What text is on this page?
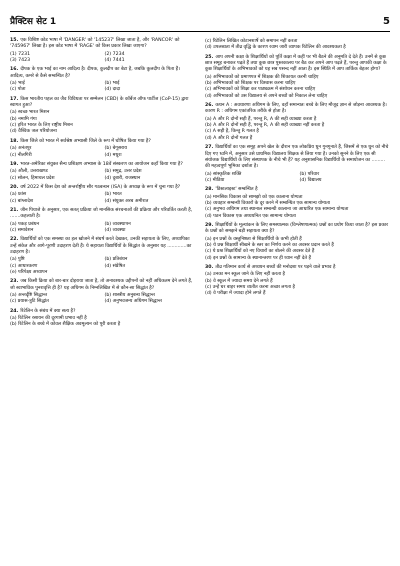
प्रैक्टिस सेट 1	5
15. एक विशिष्ट कोड भाषा में 'DANGER' को '145237' लिखा जाता है, और 'RANCOR' को '745967' लिखा है। इस कोड भाषा में 'RAGE' को किस प्रकार लिखा जाएगा?
(1) 7231	(2) 7234
(3) 7423	(4) 7441
16. दीपक के एक भाई का नाम आदित्य है। दीपक, कुलदीप का बेटा है, जबकि कुलदीप के पिता हैं। आदित्य, कमरे से कैसे सम्बन्धित है?
(a) भाई	(b) भाई
(c) पोता	(d) दादा
17. किस भारतीय पहल का जैव विविधता पर सम्मेलन (CBD) के कॉर्बेज ऑफ पार्टीज (CoP-15) द्वारा स्वागत हुआ?
(a) स्वच्छ भारत मिशन
(b) नमामि गंगा
(c) हरित भारत के लिए राष्ट्रीय मिशन
(d) वैश्विक जल परियोजना
18. किस जिले को भारत में सर्वश्रेष्ठ अभ्यासी जिले के रूप में घोषित किया गया है?
(a) अनंतपुर	(b) बेगूसराय
(c) नीलगिरी	(d) मथुरा
19. भारत-अमेरिका संयुक्त सैन्य प्रशिक्षण अभ्यास के 18वें संस्करण का आयोजन कहाँ किया गया है?
(a) औली, उत्तराखण्ड	(b) समुद्र, उत्तर प्रदेश
(c) सोलन, हिमाचल प्रदेश	(d) दुबारी, राजस्थान
20. वर्ष 2022 में किस देश को अन्तर्राष्ट्रीय सौर गठबन्धन (ISA) के अध्यक्ष के रूप में चुना गया है?
(a) फ्रांस	(b) भारत
(c) बांग्लादेश	(d) संयुक्त अरब अमीरात
21. जीन पियाजे के अनुसार, एक सतत् प्रक्रिया जो मानसिक संरचनाओं की प्रक्रिया और परिवर्तित करती है, .......कहलाती है।
(a) पकड़ प्रबंधन	(b) व्यवस्थापन
(c) समावेशन	(d) व्यवस्था
22. विद्यार्थियों को एक समस्या का हल खोजने में संघर्ष करते देखकर, उनकी सहायता के लिए, अध्यापिका उन्हें संकेत और आगे-पूरणी उदाहरण देती हैं। ये सहायता विद्यार्थियों के सिद्धांत के अनुसार यह .............का उदाहरण है।
(a) पुष्टि	(b) प्रतिबंधन
(c) आधारकरण	(d) संप्रेषित
(e) परिपेक्ष्य अध्यापन
23. जब किसी क्रिया को बार-बार दोहराया जाता है, तो अनावश्यक उद्दीपनों को नहीं अधिकतम देने लगते हैं, जो स्वाभाविक पुनरावृत्ति ही है? यह अधिगम के निम्नलिखित में से कौन-सा सिद्धांत है?
(a) अन्तर्दृष्टि सिद्धान्त	(b) शास्त्रीय अनुबन्ध सिद्धान्त
(c) प्रयास-त्रुटि सिद्धांत	(d) अनुभवजन्य अधिगम सिद्धान्त
24. रिटेलिन के संबंध में क्या सत्य है?
(a) रिटेलिन रसायन की दूरगामी प्रभाव नहीं है
(b) रिटेलिन के बच्चे में कोवल शैक्षिक अवमूल्यन को पूरी करता है
(c) रिटेलिन लिखित कोटानशार्षे को समापन नहीं करता
(d) उपलब्धता में तीव्र वृद्धि के कारण रवाम जारी व्यापक रिटेलिन की आवश्यकता है
25. आप अपनी कक्षा के शिक्षार्थियों को पूर्ति कक्षा में कहीं पर भी बैठने की अनुमति दे देते हैं। उनमें से कुछ छात्र समूह बनाकर पढ़ते हैं तथा कुछ छात्र पुस्तकालय पर बैठ कर अपने आप पढ़ते हैं, परन्तु आपकी कक्षा के कुछ शिक्षार्थियों के अभिभावकों को यह सब पसन्द नहीं आता है। इस स्थिति में आप तार्किक बेहतर होगा?
(a) अभिभावकों को प्रमाणपत्र में शिक्षक की शिकायत करनी चाहिए
(b) अभिभावकों को शिक्षक पर विश्वास करना चाहिए
(c) अभिभावकों को शिक्षा कर पाठ्यक्रम में संशोधन करना चाहिए
(d) अभिभावकों को उस विद्यालय से अपने बच्चों को निकाल लेना चाहिए
26. कथन A : अवधारणा अधिगम के लिए, वहाँ समान्यतः बच्चे के लिए मौजूद ज्ञान से जोड़ना आवश्यक है। कारण R : अधिगम एकांतरिक तरीके से होता है।
(a) A और R दोनों सही हैं, परन्तु R, A की सही व्याख्या करता है
(b) A और R दोनों सही हैं, परन्तु R, A की सही व्याख्या नहीं करता है
(c) A सही है, किन्तु R गलत है
(d) A और R दोनों गलत हैं
27. विद्यार्थियों का एक समूह अपने खेल के दौरान एक लोकप्रिय धुन गुनगुनाते हैं, जिसमें से एक धुन को नीचे दिए गए ध्वनि में, अनुसार उसे प्राथमिक विद्यालय शिक्षक से लिया गया है। उनको सुनने के लिए एक सी संयोजक विद्यार्थियों के लिए संस्थापक के नीचे भी हैं? यह अनुशासनिक विद्यार्थियों के समायोजन का ......... की महत्वपूर्ण भूमिका दर्शाता है।
(a) सांस्कृतिक शक्ति	(b) परिवार
(c) मीडिया	(d) विद्यालय
28. 'डिस्टलाइस्ट' सम्बन्धित है
(a) मानसिक विकास को सामझो को एक कालाना योग्यता
(b) व्यवहार सम्बन्धी विकारों के दूर करने में सम्बन्धित एक सामान्य योग्यता
(c) अनुभव अधिगम तथा स्थानाल सम्बन्धी कालाना जा आधारित एक सामान्य योग्यता
(d) पठन विकास एक अध्ययनित एक सामान्य योग्यता
29. शिक्षार्थियों के मूल्यांकन के लिए समस्यात्मक (विश्लेषणात्मक) प्रश्नों का प्रयोग किया जाता है? इस प्रकार के प्रश्नों को समझने बड़ी सहायता क्या है?
(a) इन प्रश्नों के वस्तुनिष्ठता से शिक्षार्थियों के कभी होती हैं
(b) ये प्रश्न शिक्षार्थी सीखने के स्तर का निर्णय करने का अवसर प्रदान करते हैं
(c) ये प्रश्न शिक्षार्थियों को नए विचारों का बोलने की अवसर देते हैं
(d) इन प्रश्नों के सामान्य के स्थानान्तरण पर ही ध्यान नहीं देते हैं
30. तीव्र गतिमान कार्य से अध्ययन बच्चों की मनोदशा पर पड़ने वाले प्रभाव है
(a) उनका मन स्कूल जाने के लिए नहीं करता है
(b) वे स्कूल में ज्यादा समय देने लगते हैं
(c) उन्हें घर बाहर समय व्यतीत करना अच्छा लगता है
(d) वे परीक्षा में ज्यादा होने लगते हैं
